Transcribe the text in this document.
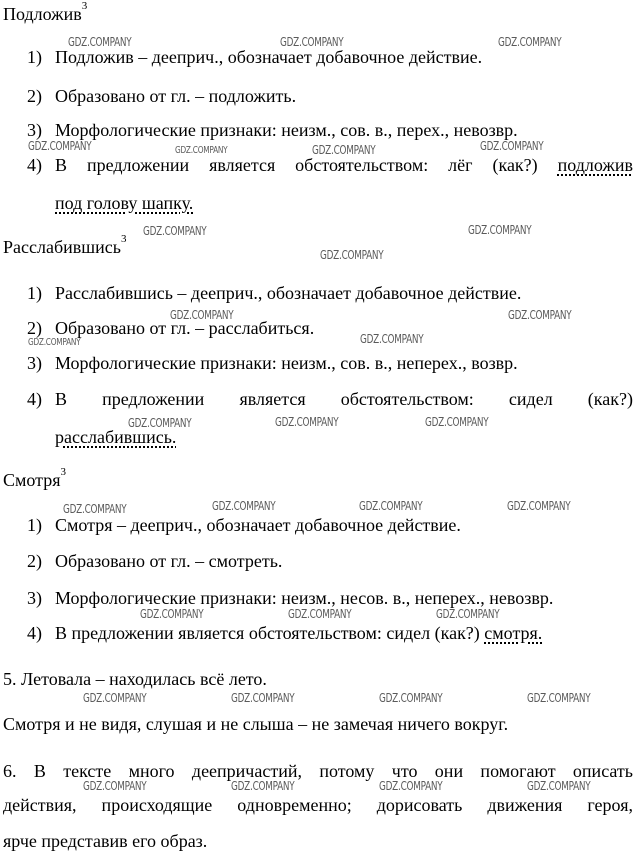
Подложив$^3$
1) Подложив – дееприч., обозначает добавочное действие.
2) Образовано от гл. – подложить.
3) Морфологические признаки: неизм., сов. в., перех., невозвр.
4) В предложении является обстоятельством: лёг (как?) подложив
под голову шапку.
Расслабившись$^3$
1) Расслабившись – дееприч., обозначает добавочное действие.
2) Образовано от гл. – расслабиться.
3) Морфологические признаки: неизм., сов. в., неперех., возвр.
4) В предложении является обстоятельством: сидел (как?)
расслабившись.
Смотря$^3$
1) Смотря – дееприч., обозначает добавочное действие.
2) Образовано от гл. – смотреть.
3) Морфологические признаки: неизм., несов. в., неперех., невозвр.
4) В предложении является обстоятельством: сидел (как?) смотря.
5. Летовала – находилась всё лето.
Смотря и не видя, слушая и не слыша – не замечая ничего вокруг.
6. В тексте много деепричастий, потому что они помогают описать
действия, происходящие одновременно; дорисовать движения героя,
ярче представив его образ.
GDZ.COMPANY	GDZ.COMPANY	GDZ.COMPANY
GDZ.COMPANY	GDZ.COMPANY	GDZ.COMPANY	GDZ.COMPANY
GDZ.COMPANY	GDZ.COMPANY
GDZ.COMPANY
GDZ.COMPANY	GDZ.COMPANY
GDZ.COMPANY	GDZ.COMPANY
GDZ.COMPANY	GDZ.COMPANY	GDZ.COMPANY
GDZ.COMPANY	GDZ.COMPANY	GDZ.COMPANY	GDZ.COMPANY
GDZ.COMPANY	GDZ.COMPANY	GDZ.COMPANY
GDZ.COMPANY	GDZ.COMPANY	GDZ.COMPANY	GDZ.COMPANY
GDZ.COMPANY	GDZ.COMPANY	GDZ.COMPANY	GDZ.COMPANY
